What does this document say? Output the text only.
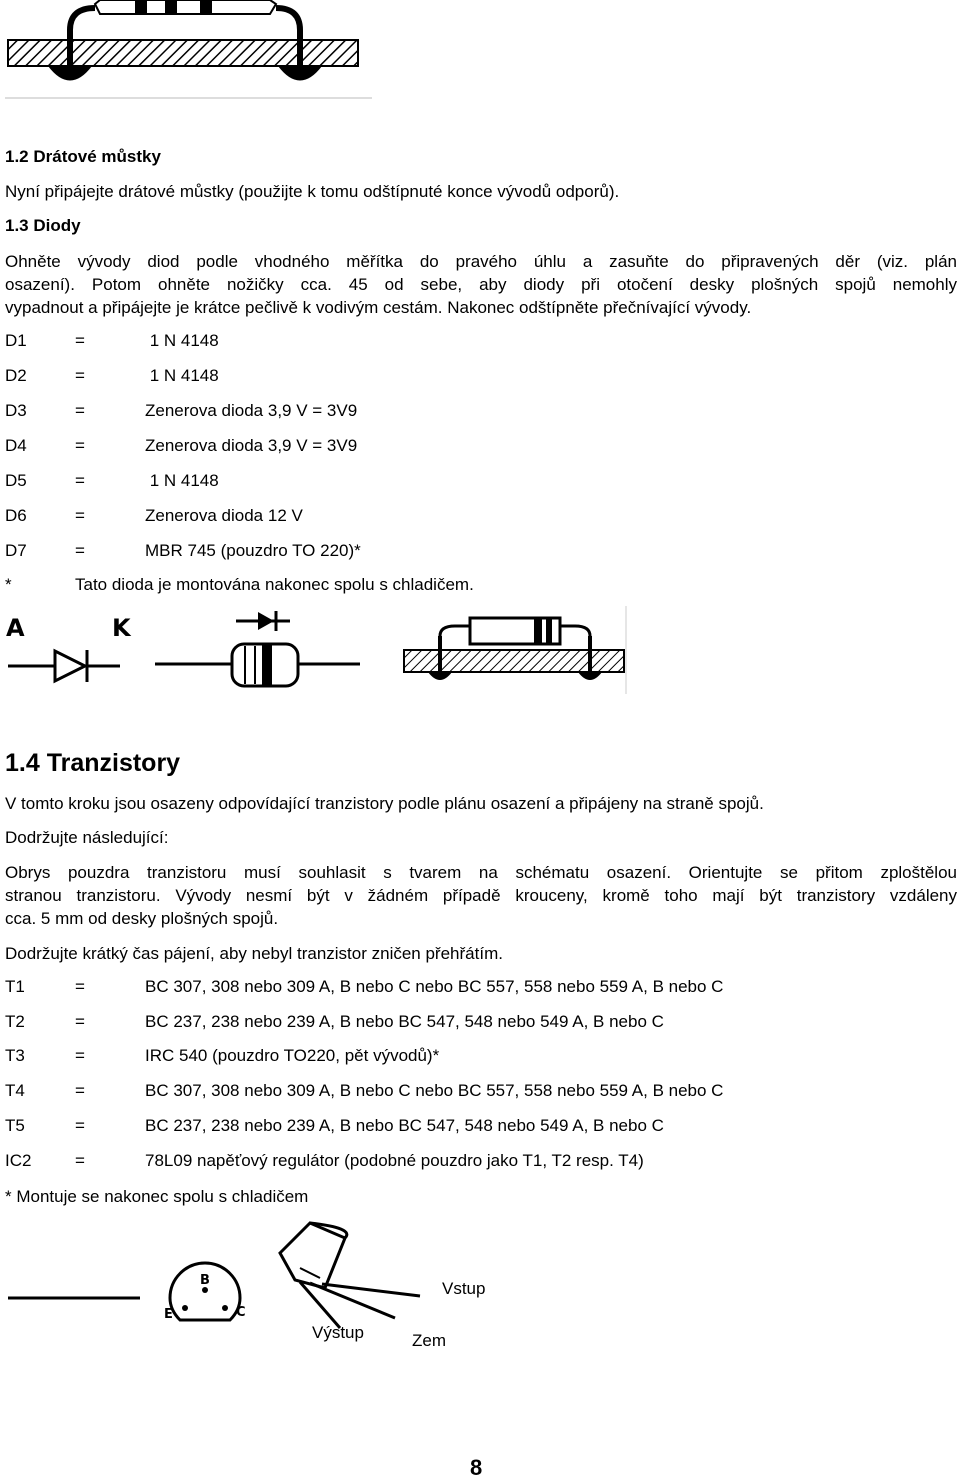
1.2 Drátové můstky
Nyní připájejte drátové můstky (použijte k tomu odštípnuté konce vývodů odporů).
1.3 Diody
Ohněte vývody diod podle vhodného měřítka do pravého úhlu a zasuňte do připravených děr (viz. plán
osazení). Potom ohněte nožičky cca. 45 od sebe, aby diody při otočení desky plošných spojů nemohly
vypadnout a připájejte je krátce pečlivě k vodivým cestám. Nakonec odštípněte přečnívající vývody.
D1	=	1 N 4148
D2	=	1 N 4148
D3	=	Zenerova dioda 3,9 V = 3V9
D4	=	Zenerova dioda 3,9 V = 3V9
D5	=	1 N 4148
D6	=	Zenerova dioda 12 V
D7	=	MBR 745 (pouzdro TO 220)*
*	Tato dioda je montována nakonec spolu s chladičem.
A	K
1.4 Tranzistory
V tomto kroku jsou osazeny odpovídající tranzistory podle plánu osazení a připájeny na straně spojů.
Dodržujte následující:
Obrys pouzdra tranzistoru musí souhlasit s tvarem na schématu osazení. Orientujte se přitom zploštělou
stranou tranzistoru. Vývody nesmí být v žádném případě krouceny, kromě toho mají být tranzistory vzdáleny
cca. 5 mm od desky plošných spojů.
Dodržujte krátký čas pájení, aby nebyl tranzistor zničen přehřátím.
T1	=	BC 307, 308 nebo 309 A, B nebo C nebo BC 557, 558 nebo 559 A, B nebo C
T2	=	BC 237, 238 nebo 239 A, B nebo BC 547, 548 nebo 549 A, B nebo C
T3	=	IRC 540 (pouzdro TO220, pět vývodů)*
T4	=	BC 307, 308 nebo 309 A, B nebo C nebo BC 557, 558 nebo 559 A, B nebo C
T5	=	BC 237, 238 nebo 239 A, B nebo BC 547, 548 nebo 549 A, B nebo C
IC2	=	78L09 napěťový regulátor (podobné pouzdro jako T1, T2 resp. T4)
* Montuje se nakonec spolu s chladičem
B
E	C
Vstup
Výstup	Zem
8
